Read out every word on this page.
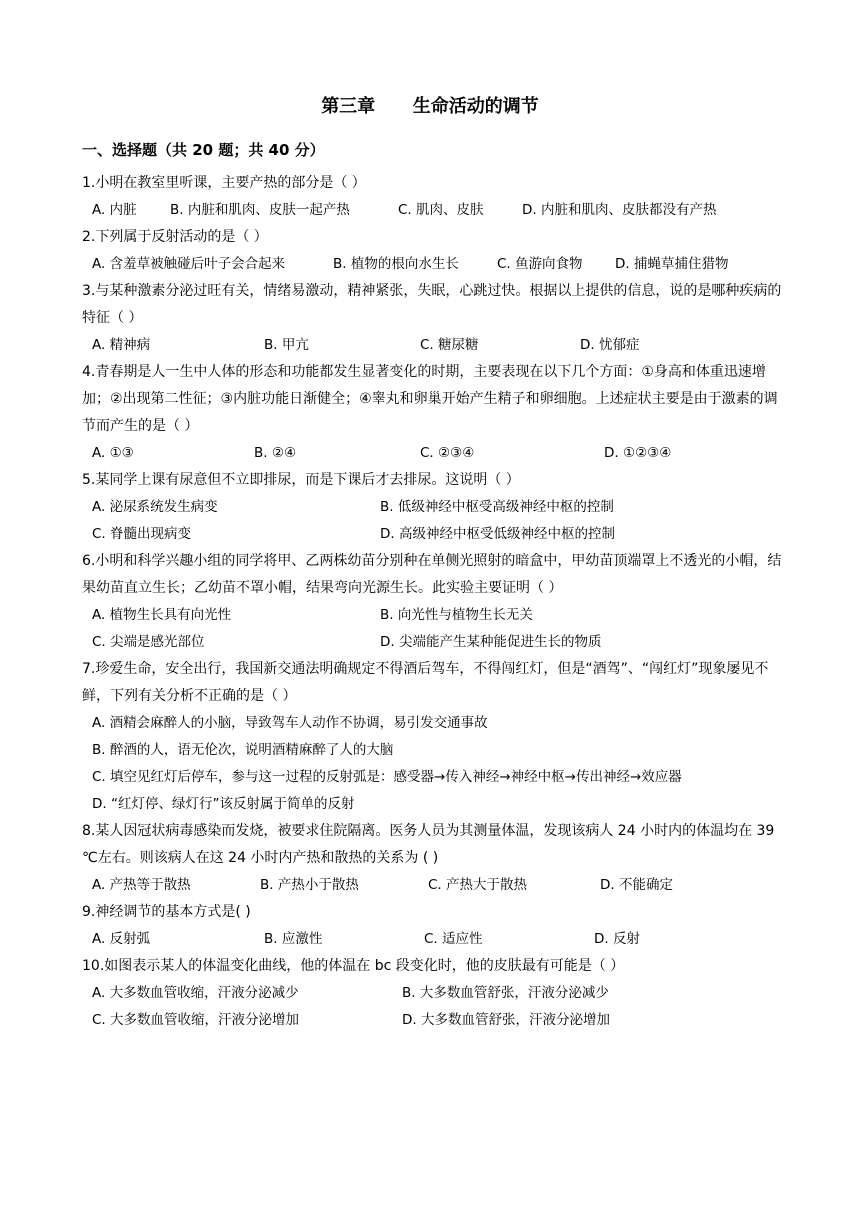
第三章      生命活动的调节
一、选择题（共 20 题；共 40 分）
1.小明在教室里听课，主要产热的部分是（ ）
A. 内脏	B. 内脏和肌肉、皮肤一起产热	C. 肌肉、皮肤	D. 内脏和肌肉、皮肤都没有产热
2.下列属于反射活动的是（ ）
A. 含羞草被触碰后叶子会合起来	B. 植物的根向水生长	C. 鱼游向食物	D. 捕蝇草捕住猎物
3.与某种激素分泌过旺有关，情绪易激动，精神紧张，失眠，心跳过快。根据以上提供的信息，说的是哪种疾病的特征（ ）
A. 精神病	B. 甲亢	C. 糖尿糖	D. 忧郁症
4.青春期是人一生中人体的形态和功能都发生显著变化的时期，主要表现在以下几个方面：①身高和体重迅速增加；②出现第二性征；③内脏功能日渐健全；④睾丸和卵巢开始产生精子和卵细胞。上述症状主要是由于激素的调节而产生的是（ ）
A. ①③	B. ②④	C. ②③④	D. ①②③④
5.某同学上课有尿意但不立即排尿，而是下课后才去排尿。这说明（ ）
A. 泌尿系统发生病变	B. 低级神经中枢受高级神经中枢的控制
C. 脊髓出现病变	D. 高级神经中枢受低级神经中枢的控制
6.小明和科学兴趣小组的同学将甲、乙两株幼苗分别种在单侧光照射的暗盒中，甲幼苗顶端罩上不透光的小帽，结果幼苗直立生长；乙幼苗不罩小帽，结果弯向光源生长。此实验主要证明（ ）
A. 植物生长具有向光性	B. 向光性与植物生长无关
C. 尖端是感光部位	D. 尖端能产生某种能促进生长的物质
7.珍爱生命，安全出行，我国新交通法明确规定不得酒后驾车，不得闯红灯，但是“酒驾”、“闯红灯”现象屡见不鲜，下列有关分析不正确的是（ ）
A. 酒精会麻醉人的小脑，导致驾车人动作不协调，易引发交通事故
B. 醉酒的人，语无伦次，说明酒精麻醉了人的大脑
C. 填空见红灯后停车，参与这一过程的反射弧是：感受器→传入神经→神经中枢→传出神经→效应器
D. “红灯停、绿灯行”该反射属于简单的反射
8.某人因冠状病毒感染而发烧，被要求住院隔离。医务人员为其测量体温，发现该病人 24 小时内的体温均在 39 ℃左右。则该病人在这 24 小时内产热和散热的关系为 ( )
A. 产热等于散热	B. 产热小于散热	C. 产热大于散热	D. 不能确定
9.神经调节的基本方式是( )
A. 反射弧	B. 应激性	C. 适应性	D. 反射
10.如图表示某人的体温变化曲线，他的体温在 bc 段变化时，他的皮肤最有可能是（ ）
A. 大多数血管收缩，汗液分泌减少	B. 大多数血管舒张，汗液分泌减少
C. 大多数血管收缩，汗液分泌增加	D. 大多数血管舒张，汗液分泌增加
